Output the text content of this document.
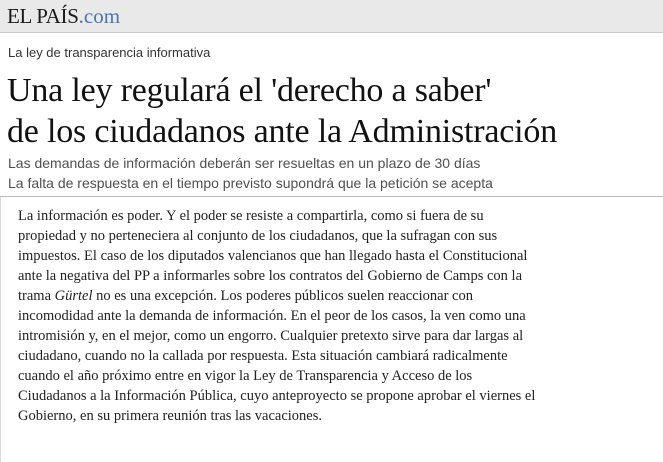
EL PAÍS.com

La ley de transparencia informativa

Una ley regulará el 'derecho a saber'
de los ciudadanos ante la Administración
Las demandas de información deberán ser resueltas en un plazo de 30 días
La falta de respuesta en el tiempo previsto supondrá que la petición se acepta

La información es poder. Y el poder se resiste a compartirla, como si fuera de su
propiedad y no perteneciera al conjunto de los ciudadanos, que la sufragan con sus
impuestos. El caso de los diputados valencianos que han llegado hasta el Constitucional
ante la negativa del PP a informarles sobre los contratos del Gobierno de Camps con la
trama Gürtel no es una excepción. Los poderes públicos suelen reaccionar con
incomodidad ante la demanda de información. En el peor de los casos, la ven como una
intromisión y, en el mejor, como un engorro. Cualquier pretexto sirve para dar largas al
ciudadano, cuando no la callada por respuesta. Esta situación cambiará radicalmente
cuando el año próximo entre en vigor la Ley de Transparencia y Acceso de los
Ciudadanos a la Información Pública, cuyo anteproyecto se propone aprobar el viernes el
Gobierno, en su primera reunión tras las vacaciones.
